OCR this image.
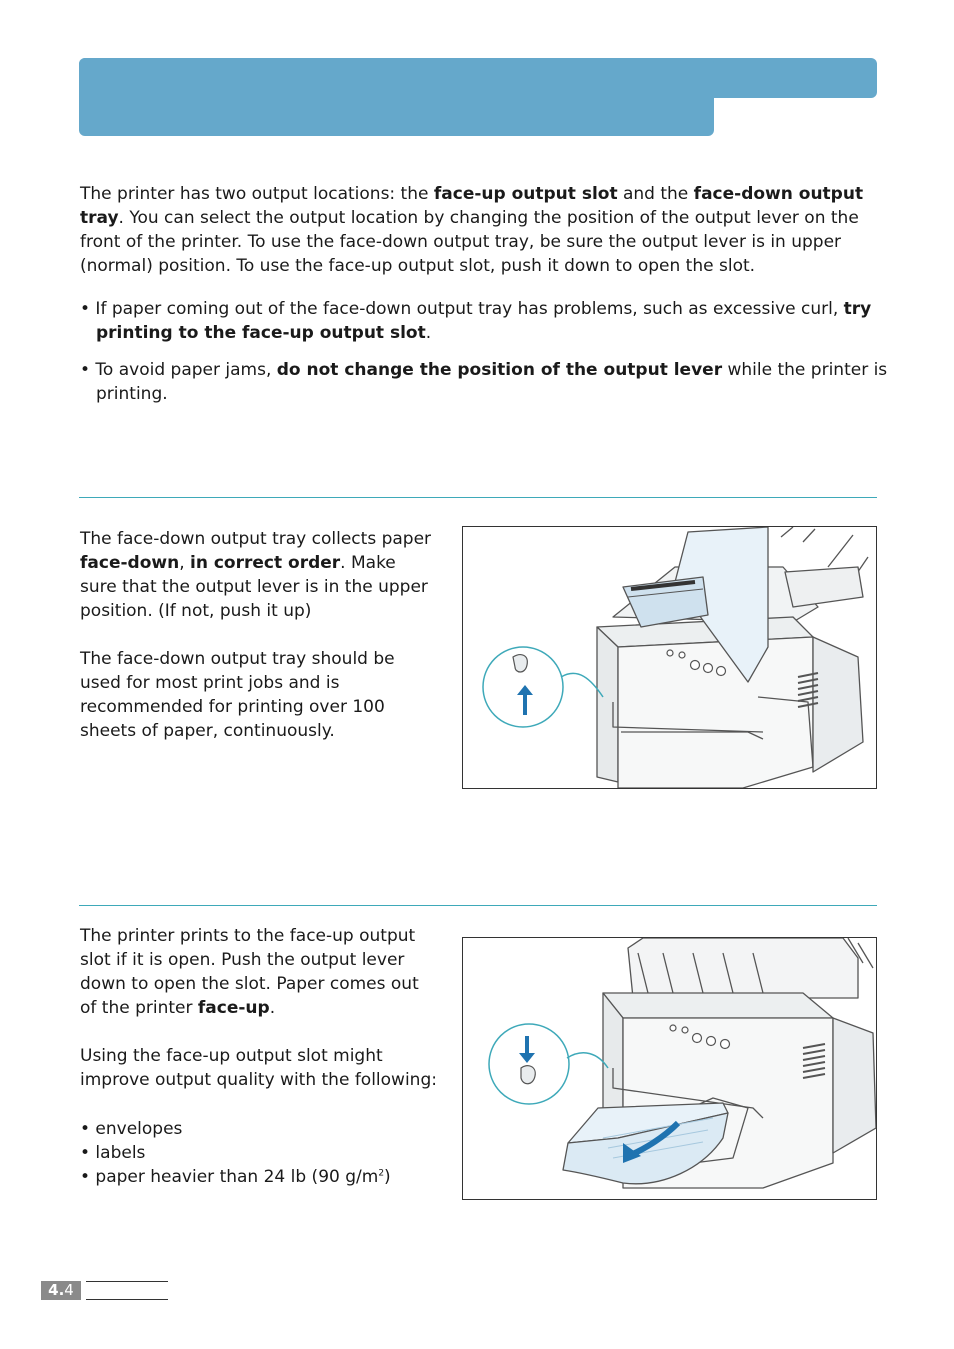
The printer has two output locations: the face-up output slot and the face-down output tray. You can select the output location by changing the position of the output lever on the front of the printer. To use the face-down output tray, be sure the output lever is in upper (normal) position. To use the face-up output slot, push it down to open the slot.

• If paper coming out of the face-down output tray has problems, such as excessive curl, try printing to the face-up output slot.

• To avoid paper jams, do not change the position of the output lever while the printer is printing.

The face-down output tray collects paper face-down, in correct order. Make sure that the output lever is in the upper position. (If not, push it up)

The face-down output tray should be used for most print jobs and is recommended for printing over 100 sheets of paper, continuously.

The printer prints to the face-up output slot if it is open. Push the output lever down to open the slot. Paper comes out of the printer face-up.

Using the face-up output slot might improve output quality with the following:

• envelopes

• labels

• paper heavier than 24 lb (90 $g/m^2$)

4.4
